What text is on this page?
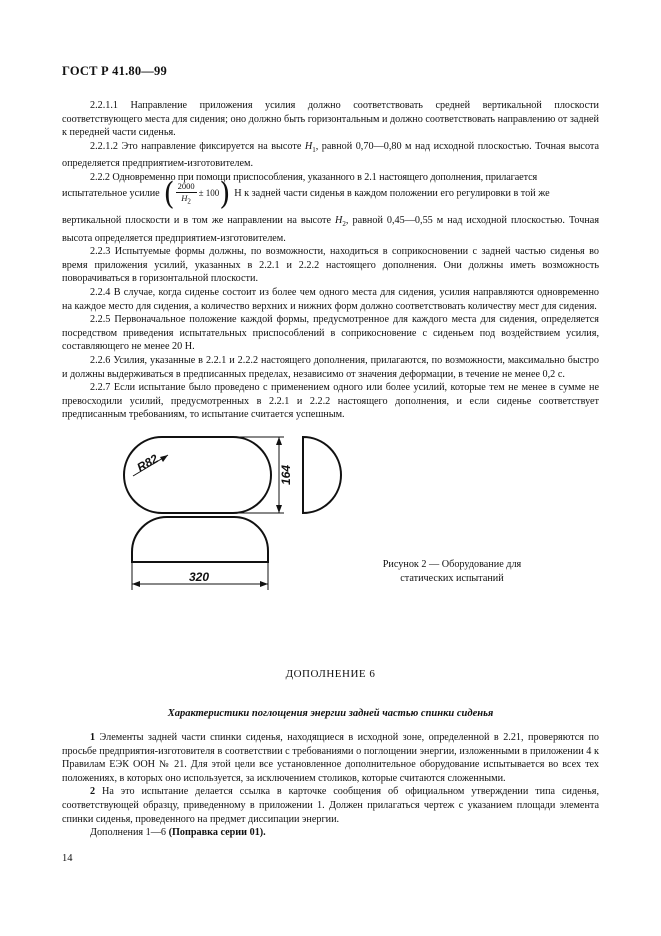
ГОСТ Р 41.80—99

2.2.1.1 Направление приложения усилия должно соответствовать средней вертикальной плоскости соответствующего места для сидения; оно должно быть горизонтальным и должно соответствовать направлению от задней к передней части сиденья.

2.2.1.2 Это направление фиксируется на высоте $H_1$, равной 0,70—0,80 м над исходной плоскостью. Точная высота определяется предприятием-изготовителем.

2.2.2 Одновременно при помощи приспособления, указанного в 2.1 настоящего дополнения, прилагается

испытательное усилие ( $\frac{2000}{H_2} \pm 100$ ) Н к задней части сиденья в каждом положении его регулировки в той же

вертикальной плоскости и в том же направлении на высоте $H_2$, равной 0,45—0,55 м над исходной плоскостью. Точная высота определяется предприятием-изготовителем.

2.2.3 Испытуемые формы должны, по возможности, находиться в соприкосновении с задней частью сиденья во время приложения усилий, указанных в 2.2.1 и 2.2.2 настоящего дополнения. Они должны иметь возможность поворачиваться в горизонтальной плоскости.

2.2.4 В случае, когда сиденье состоит из более чем одного места для сидения, усилия направляются одновременно на каждое место для сидения, а количество верхних и нижних форм должно соответствовать количеству мест для сидения.

2.2.5 Первоначальное положение каждой формы, предусмотренное для каждого места для сидения, определяется посредством приведения испытательных приспособлений в соприкосновение с сиденьем под воздействием усилия, составляющего не менее 20 Н.

2.2.6 Усилия, указанные в 2.2.1 и 2.2.2 настоящего дополнения, прилагаются, по возможности, максимально быстро и должны выдерживаться в предписанных пределах, независимо от значения деформации, в течение не менее 0,2 с.

2.2.7 Если испытание было проведено с применением одного или более усилий, которые тем не менее в сумме не превосходили усилий, предусмотренных в 2.2.1 и 2.2.2 настоящего дополнения, и если сиденье соответствует предписанным требованиям, то испытание считается успешным.

R82
164
320
Рисунок 2 — Оборудование для статических испытаний
ДОПОЛНЕНИЕ 6
Характеристики поглощения энергии задней частью спинки сиденья

1 Элементы задней части спинки сиденья, находящиеся в исходной зоне, определенной в 2.21, проверяются по просьбе предприятия-изготовителя в соответствии с требованиями о поглощении энергии, изложенными в приложении 4 к Правилам ЕЭК ООН № 21. Для этой цели все установленное дополнительное оборудование испытывается во всех тех положениях, в которых оно используется, за исключением столиков, которые считаются сложенными.

2 На это испытание делается ссылка в карточке сообщения об официальном утверждении типа сиденья, соответствующей образцу, приведенному в приложении 1. Должен прилагаться чертеж с указанием площади элемента спинки сиденья, проведенного на предмет диссипации энергии.

Дополнения 1—6 (Поправка серии 01).

14
